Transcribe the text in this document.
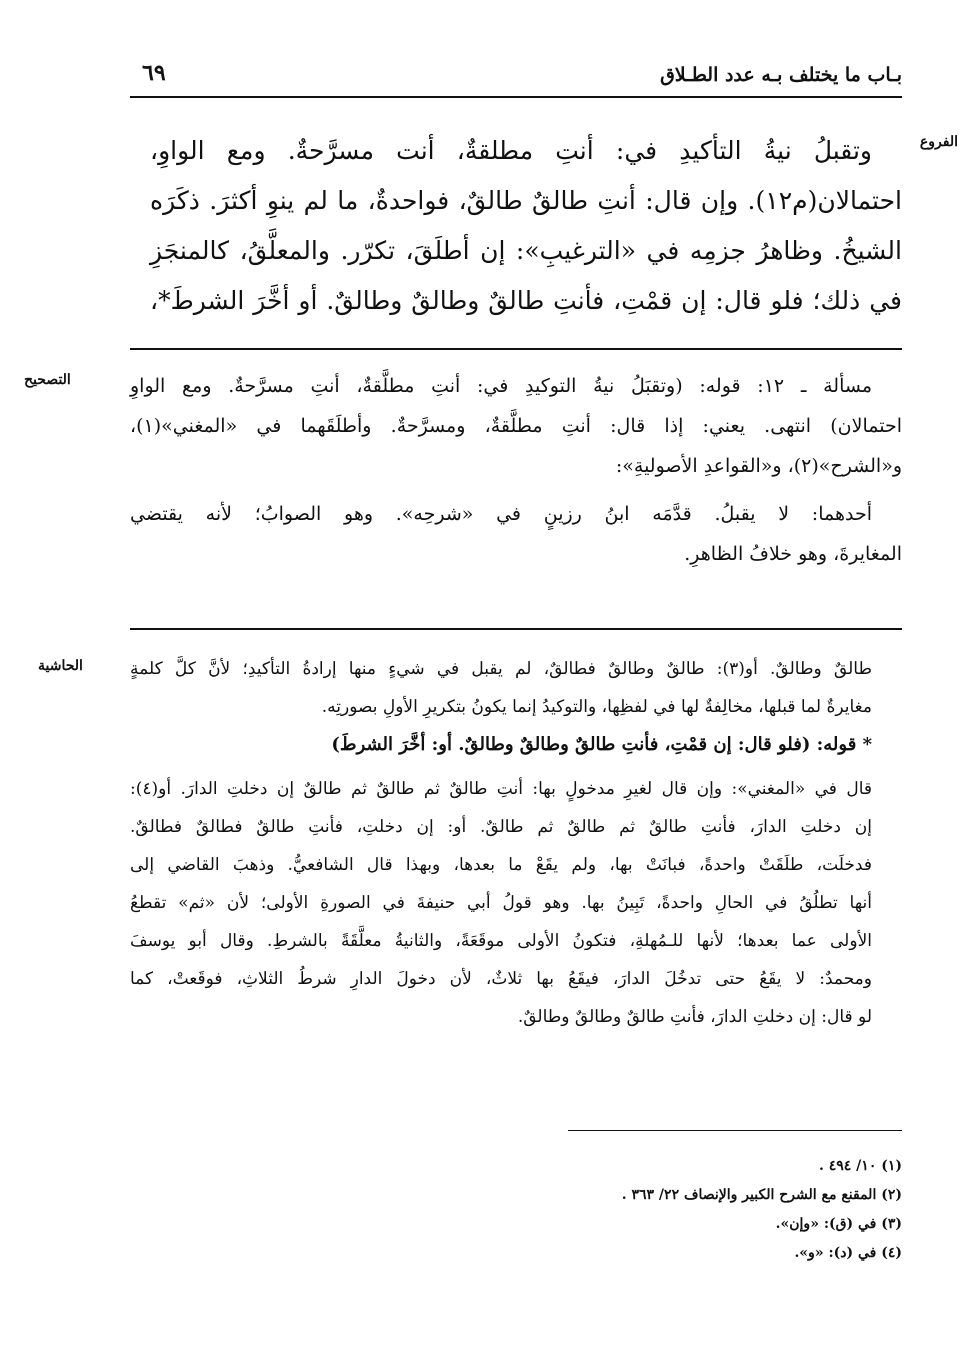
بـاب ما يختلف بـه عدد الطـلاق
٦٩
الفروع

وتقبلُ نيةُ التأكيدِ في: أنتِ مطلقةٌ، أنت مسرَّحةٌ. ومع الواوِ،

احتمالان(م١٢). وإن قال: أنتِ طالقٌ طالقٌ، فواحدةٌ، ما لم ينوِ أكثرَ. ذكَرَه

الشيخُ. وظاهرُ جزمِه في «الترغيبِ»: إن أطلَقَ، تكرّر. والمعلَّقُ، كالمنجَزِ

في ذلك؛ فلو قال: إن قمْتِ، فأنتِ طالقٌ وطالقٌ وطالقٌ. أو أخَّرَ الشرطَ*،

التصحيح	مسألة ـ ١٢: قوله: (وتقبَلُ نيةُ التوكيدِ في: أنتِ مطلَّقةٌ، أنتِ مسرَّحةٌ. ومع الواوِ

احتمالان) انتهى. يعني: إذا قال: أنتِ مطلَّقةٌ، ومسرَّحةٌ. وأطلَقَهما في «المغني»(١)،

و«الشرح»(٢)، و«القواعدِ الأصوليةِ»:

أحدهما: لا يقبلُ. قدَّمَه ابنُ رزينٍ في «شرحِه». وهو الصوابُ؛ لأنه يقتضي

المغايرةَ، وهو خلافُ الظاهرِ.

الحاشية	طالقٌ وطالقٌ. أو(٣): طالقٌ وطالقٌ فطالقٌ، لم يقبل في شيءٍ منها إرادةُ التأكيدِ؛ لأنَّ كلَّ كلمةٍ

مغايرةٌ لما قبلها، مخالِفةٌ لها في لفظِها، والتوكيدُ إنما يكونُ بتكريرِ الأولِ بصورتِه.

* قوله: (فلو قال: إن قمْتِ، فأنتِ طالقٌ وطالقٌ وطالقٌ. أو: أخَّرَ الشرطَ)

قال في «المغني»: وإن قال لغيرِ مدخولٍ بها: أنتِ طالقٌ ثم طالقٌ ثم طالقٌ إن دخلتِ الدارَ. أو(٤):

إن دخلتِ الدارَ، فأنتِ طالقٌ ثم طالقٌ ثم طالقٌ. أو: إن دخلتِ، فأنتِ طالقٌ فطالقٌ فطالقٌ.

فدخلَت، طلَقَتْ واحدةً، فبانَتْ بها، ولم يقَعْ ما بعدها، وبهذا قال الشافعيُّ. وذهبَ القاضي إلى

أنها تطلُقُ في الحالِ واحدةً، تَبِينُ بها. وهو قولُ أبي حنيفةَ في الصورةِ الأولى؛ لأن «ثم» تقطعُ

الأولى عما بعدها؛ لأنها للـمُهلةِ، فتكونُ الأولى موقَعَةً، والثانيةُ معلَّقَةً بالشرطِ. وقال أبو يوسفَ

ومحمدٌ: لا يقَعُ حتى تدخُلَ الدارَ، فيقَعُ بها ثلاثٌ، لأن دخولَ الدارِ شرطُ الثلاثِ، فوقَعتْ، كما

لو قال: إن دخلتِ الدارَ، فأنتِ طالقٌ وطالقٌ وطالقٌ.

(١) ١٠/ ٤٩٤ .
(٢) المقنع مع الشرح الكبير والإنصاف ٢٢/ ٣٦٣ .
(٣) في (ق): «وإن».
(٤) في (د): «و».
